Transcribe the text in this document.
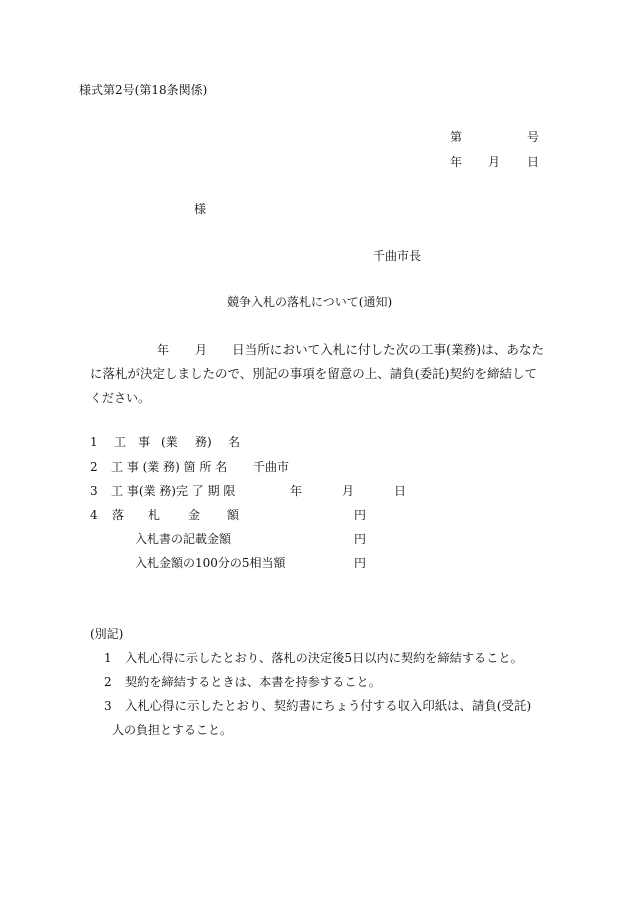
様式第2号(第18条関係)
第	号
年 月 日
様
千曲市長
競争入札の落札について(通知)
年 月 日当所において入札に付した次の工事(業務)は、あなた
に落札が決定しましたので、別記の事項を留意の上、請負(委託)契約を締結して
ください。
1 工 事 (業 務) 名
2 工 事 (業 務) 箇 所 名 千曲市
3 工 事(業 務)完 了 期 限	年	月	日
4 落 札 金 額	円
入札書の記載金額	円
入札金額の100分の5相当額	円
(別記)
1 入札心得に示したとおり、落札の決定後5日以内に契約を締結すること。
2 契約を締結するときは、本書を持参すること。
3 入札心得に示したとおり、契約書にちょう付する収入印紙は、請負(受託)
人の負担とすること。
